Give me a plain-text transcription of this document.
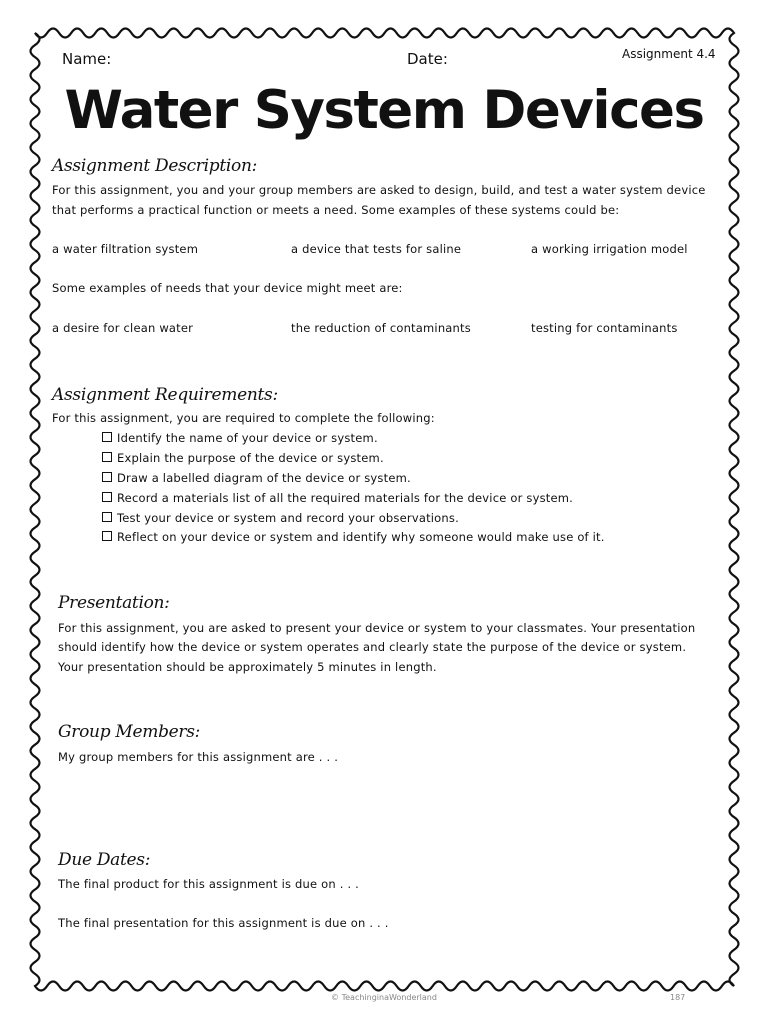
Name:	Date:	Assignment 4.4
Water System Devices
Assignment Description:
For this assignment, you and your group members are asked to design, build, and test a water system device
that performs a practical function or meets a need. Some examples of these systems could be:
a water filtration system	a device that tests for saline	a working irrigation model
Some examples of needs that your device might meet are:
a desire for clean water	the reduction of contaminants	testing for contaminants
Assignment Requirements:
For this assignment, you are required to complete the following:
Identify the name of your device or system.
Explain the purpose of the device or system.
Draw a labelled diagram of the device or system.
Record a materials list of all the required materials for the device or system.
Test your device or system and record your observations.
Reflect on your device or system and identify why someone would make use of it.
Presentation:
For this assignment, you are asked to present your device or system to your classmates. Your presentation
should identify how the device or system operates and clearly state the purpose of the device or system.
Your presentation should be approximately 5 minutes in length.
Group Members:
My group members for this assignment are . . .
Due Dates:
The final product for this assignment is due on . . .
The final presentation for this assignment is due on . . .
© TeachinginaWonderland	187
